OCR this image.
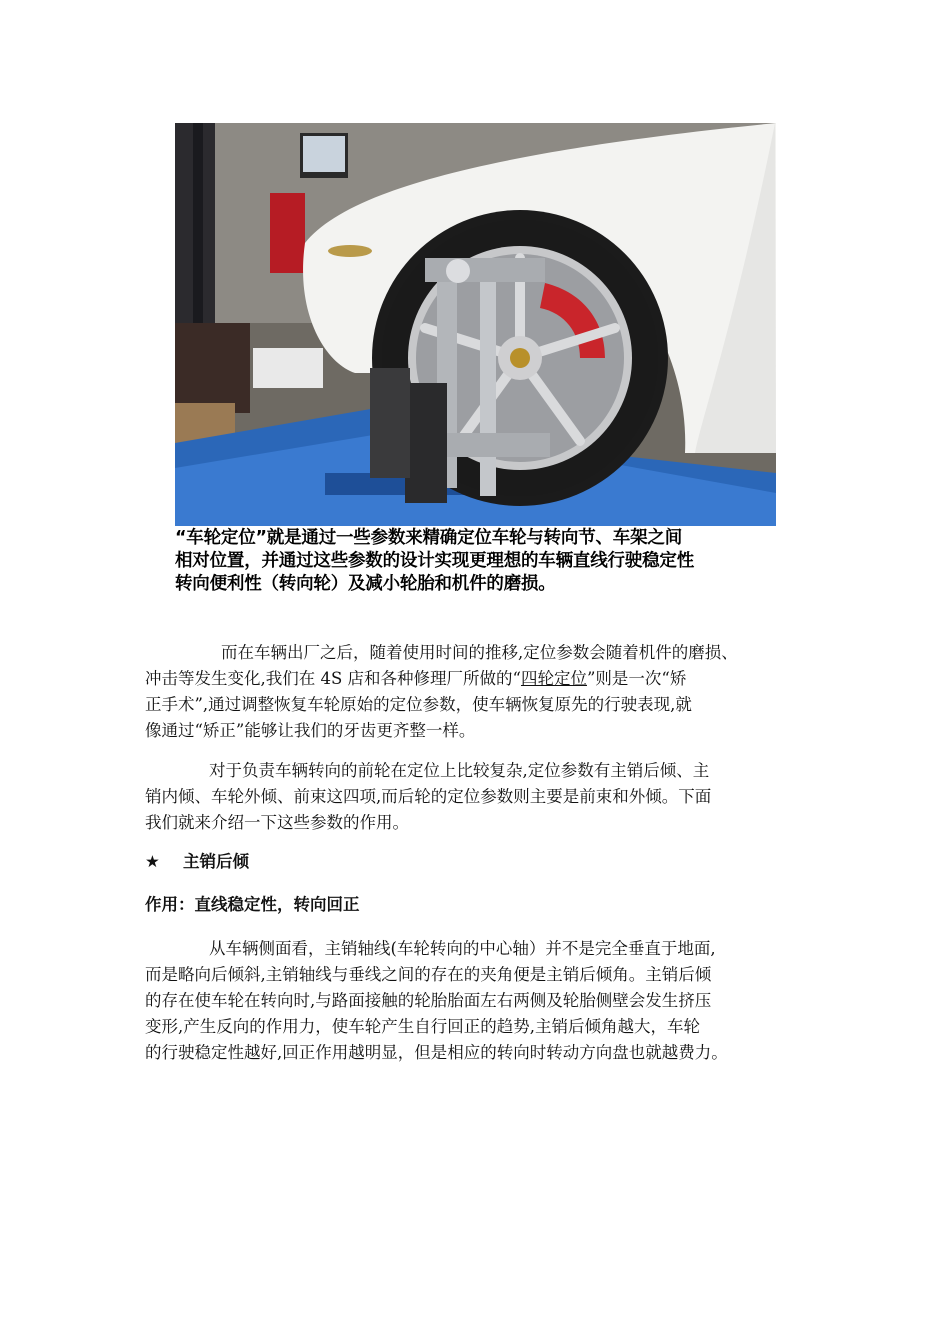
“车轮定位”就是通过一些参数来精确定位车轮与转向节、车架之间
相对位置，并通过这些参数的设计实现更理想的车辆直线行驶稳定性
转向便利性（转向轮）及减小轮胎和机件的磨损。
而在车辆出厂之后，随着使用时间的推移,定位参数会随着机件的磨损、
冲击等发生变化,我们在 4S 店和各种修理厂所做的“四轮定位”则是一次“矫
正手术”,通过调整恢复车轮原始的定位参数，使车辆恢复原先的行驶表现,就
像通过“矫正”能够让我们的牙齿更齐整一样。
对于负责车辆转向的前轮在定位上比较复杂,定位参数有主销后倾、主
销内倾、车轮外倾、前束这四项,而后轮的定位参数则主要是前束和外倾。下面
我们就来介绍一下这些参数的作用。
★ 主销后倾
作用：直线稳定性，转向回正
从车辆侧面看，主销轴线(车轮转向的中心轴）并不是完全垂直于地面,
而是略向后倾斜,主销轴线与垂线之间的存在的夹角便是主销后倾角。主销后倾
的存在使车轮在转向时,与路面接触的轮胎胎面左右两侧及轮胎侧壁会发生挤压
变形,产生反向的作用力，使车轮产生自行回正的趋势,主销后倾角越大，车轮
的行驶稳定性越好,回正作用越明显，但是相应的转向时转动方向盘也就越费力。
